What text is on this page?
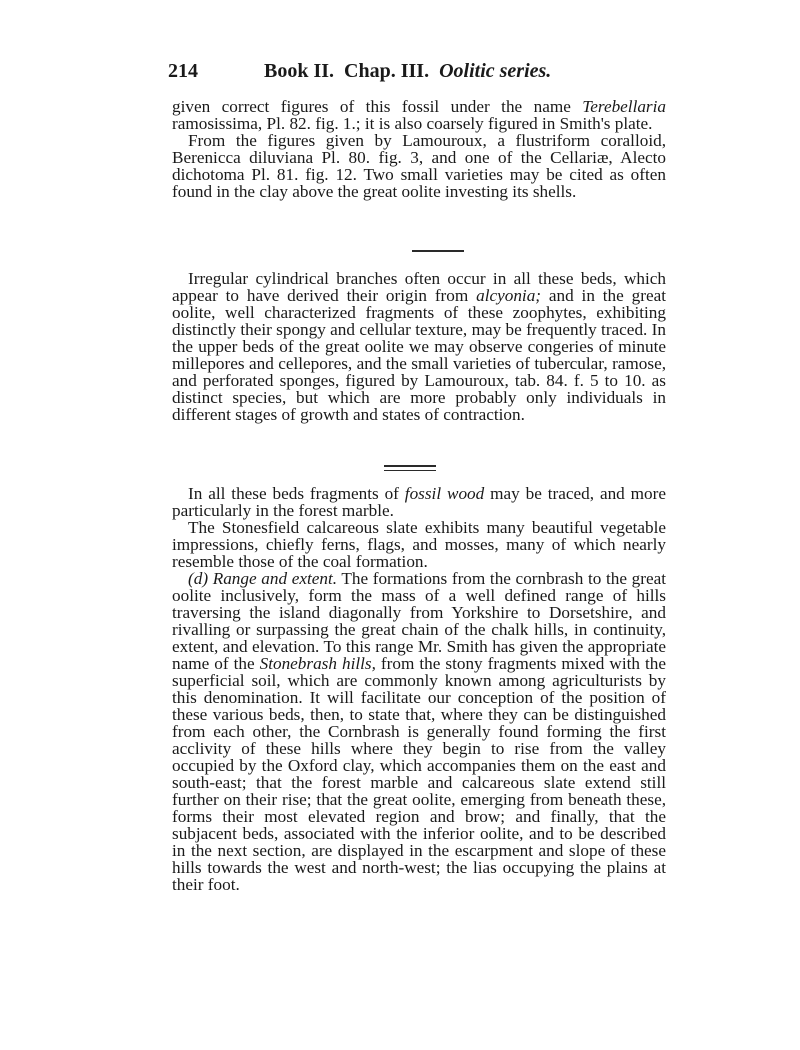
214	Book II. Chap. III. Oolitic series.

given correct figures of this fossil under the name Terebellaria ramosissima, Pl. 82. fig. 1.; it is also coarsely figured in Smith's plate.

From the figures given by Lamouroux, a flustriform coralloid, Berenicca diluviana Pl. 80. fig. 3, and one of the Cellariæ, Alecto dichotoma Pl. 81. fig. 12. Two small varieties may be cited as often found in the clay above the great oolite investing its shells.

Irregular cylindrical branches often occur in all these beds, which appear to have derived their origin from alcyonia; and in the great oolite, well characterized fragments of these zoophytes, exhibiting distinctly their spongy and cellular texture, may be frequently traced. In the upper beds of the great oolite we may observe congeries of minute millepores and cellepores, and the small varieties of tubercular, ramose, and perforated sponges, figured by Lamouroux, tab. 84. f. 5 to 10. as distinct species, but which are more probably only individuals in different stages of growth and states of contraction.

In all these beds fragments of fossil wood may be traced, and more particularly in the forest marble.

The Stonesfield calcareous slate exhibits many beautiful vegetable impressions, chiefly ferns, flags, and mosses, many of which nearly resemble those of the coal formation.

(d) Range and extent. The formations from the cornbrash to the great oolite inclusively, form the mass of a well defined range of hills traversing the island diagonally from Yorkshire to Dorsetshire, and rivalling or surpassing the great chain of the chalk hills, in continuity, extent, and elevation. To this range Mr. Smith has given the appropriate name of the Stonebrash hills, from the stony fragments mixed with the superficial soil, which are commonly known among agriculturists by this denomination. It will facilitate our conception of the position of these various beds, then, to state that, where they can be distinguished from each other, the Cornbrash is generally found forming the first acclivity of these hills where they begin to rise from the valley occupied by the Oxford clay, which accompanies them on the east and south-east; that the forest marble and calcareous slate extend still further on their rise; that the great oolite, emerging from beneath these, forms their most elevated region and brow; and finally, that the subjacent beds, associated with the inferior oolite, and to be described in the next section, are displayed in the escarpment and slope of these hills towards the west and north-west; the lias occupying the plains at their foot.
